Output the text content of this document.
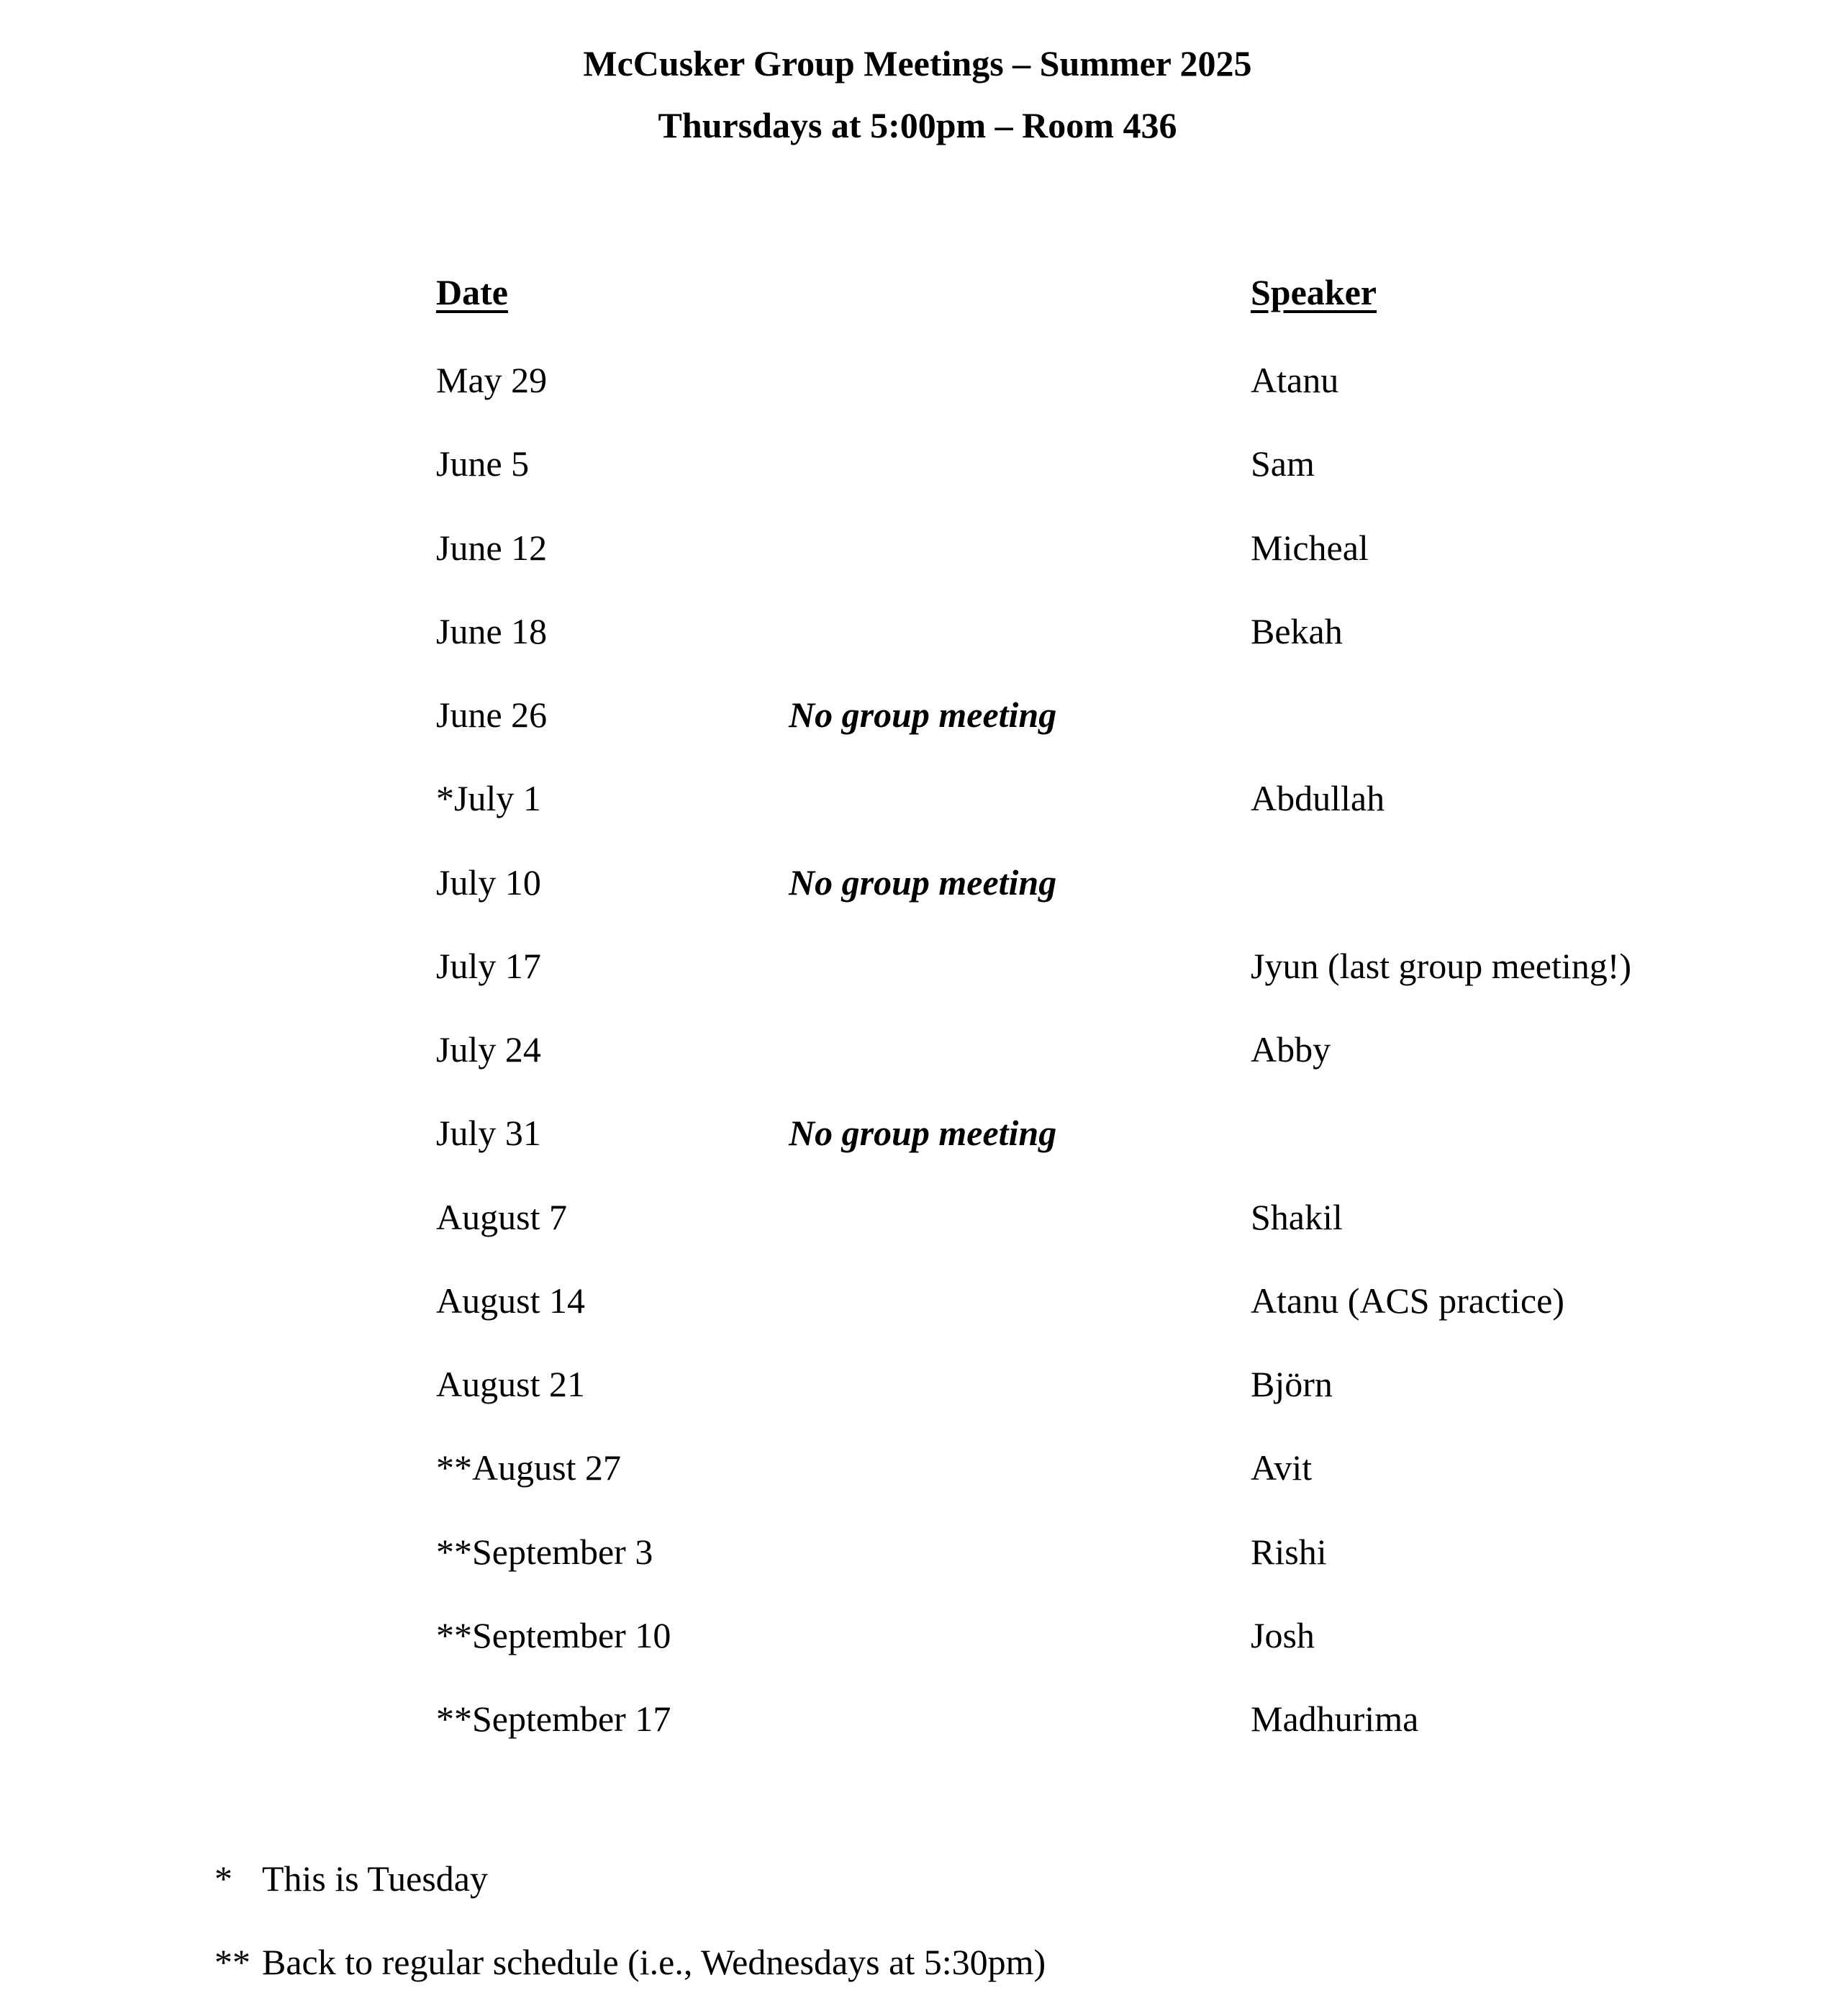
McCusker Group Meetings – Summer 2025
Thursdays at 5:00pm – Room 436
Date	Speaker
May 29	Atanu
June 5	Sam
June 12	Micheal
June 18	Bekah
June 26	No group meeting
*July 1	Abdullah
July 10	No group meeting
July 17	Jyun (last group meeting!)
July 24	Abby
July 31	No group meeting
August 7	Shakil
August 14	Atanu (ACS practice)
August 21	Björn
**August 27	Avit
**September 3	Rishi
**September 10	Josh
**September 17	Madhurima
* This is Tuesday
** Back to regular schedule (i.e., Wednesdays at 5:30pm)
